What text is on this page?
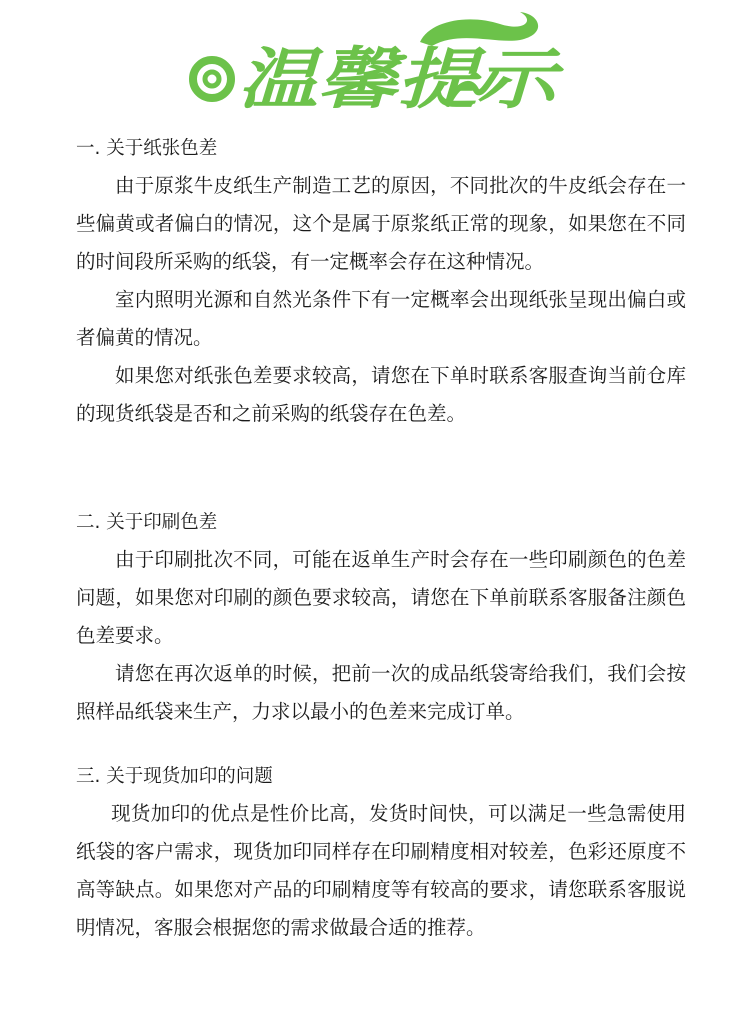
温馨提示

一. 关于纸张色差

由于原浆牛皮纸生产制造工艺的原因，不同批次的牛皮纸会存在一些偏黄或者偏白的情况，这个是属于原浆纸正常的现象，如果您在不同的时间段所采购的纸袋，有一定概率会存在这种情况。

室内照明光源和自然光条件下有一定概率会出现纸张呈现出偏白或者偏黄的情况。

如果您对纸张色差要求较高，请您在下单时联系客服查询当前仓库的现货纸袋是否和之前采购的纸袋存在色差。

二. 关于印刷色差

由于印刷批次不同，可能在返单生产时会存在一些印刷颜色的色差问题，如果您对印刷的颜色要求较高，请您在下单前联系客服备注颜色色差要求。

请您在再次返单的时候，把前一次的成品纸袋寄给我们，我们会按照样品纸袋来生产，力求以最小的色差来完成订单。

三. 关于现货加印的问题

现货加印的优点是性价比高，发货时间快，可以满足一些急需使用纸袋的客户需求，现货加印同样存在印刷精度相对较差，色彩还原度不高等缺点。如果您对产品的印刷精度等有较高的要求，请您联系客服说明情况，客服会根据您的需求做最合适的推荐。
